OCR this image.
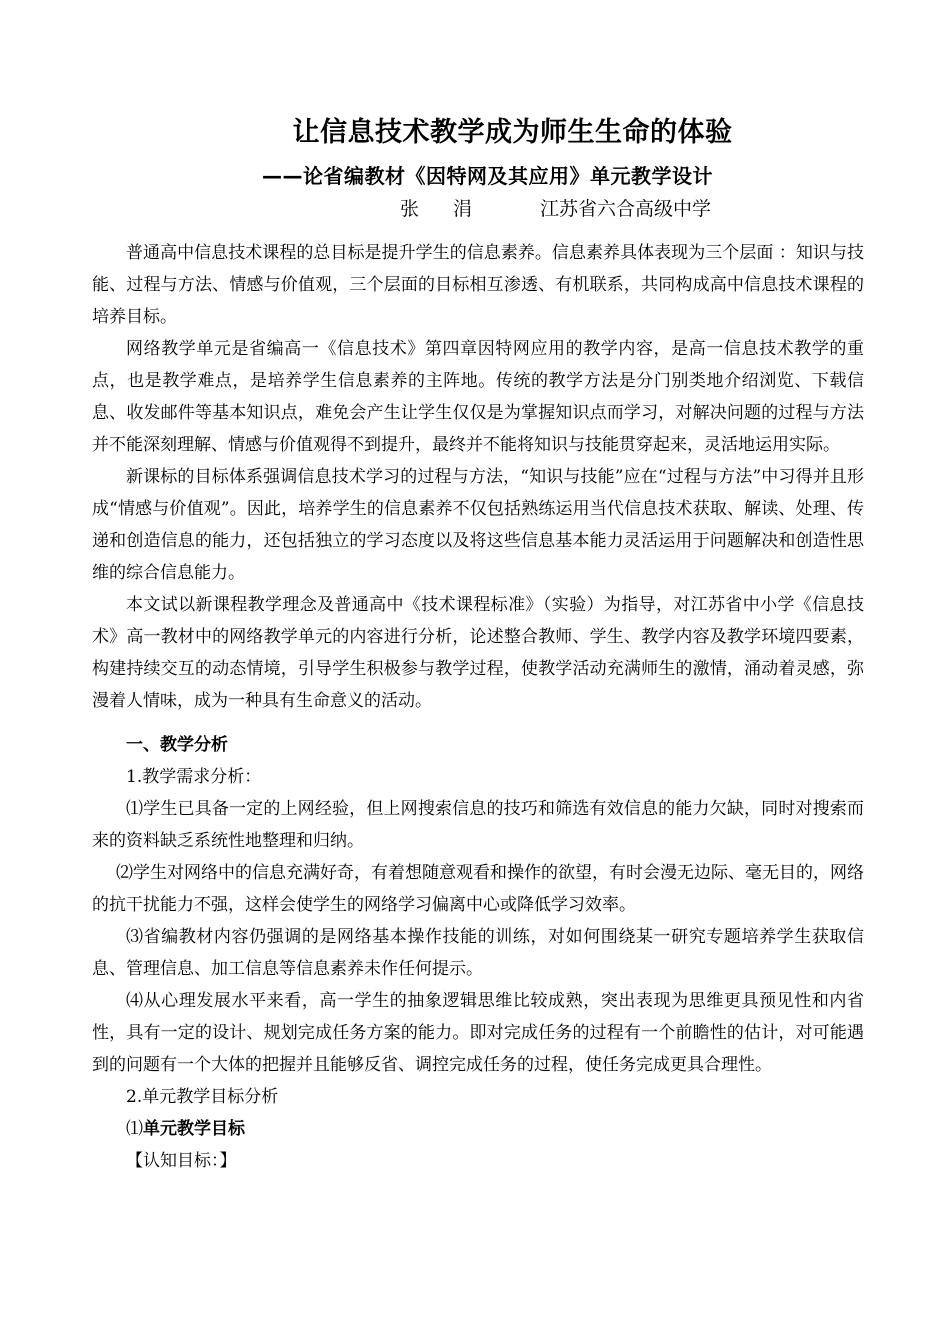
让信息技术教学成为师生生命的体验
——论省编教材《因特网及其应用》单元教学设计
张 涓	江苏省六合高级中学

普通高中信息技术课程的总目标是提升学生的信息素养。信息素养具体表现为三个层面 ：知识与技能、过程与方法、情感与价值观，三个层面的目标相互渗透、有机联系，共同构成高中信息技术课程的培养目标。

网络教学单元是省编高一《信息技术》第四章因特网应用的教学内容，是高一信息技术教学的重点，也是教学难点，是培养学生信息素养的主阵地。传统的教学方法是分门别类地介绍浏览、下载信息、收发邮件等基本知识点，难免会产生让学生仅仅是为掌握知识点而学习，对解决问题的过程与方法并不能深刻理解、情感与价值观得不到提升，最终并不能将知识与技能贯穿起来，灵活地运用实际。

新课标的目标体系强调信息技术学习的过程与方法，“知识与技能”应在“过程与方法”中习得并且形成“情感与价值观”。因此，培养学生的信息素养不仅包括熟练运用当代信息技术获取、解读、处理、传递和创造信息的能力，还包括独立的学习态度以及将这些信息基本能力灵活运用于问题解决和创造性思维的综合信息能力。

本文试以新课程教学理念及普通高中《技术课程标准》（实验）为指导，对江苏省中小学《信息技术》高一教材中的网络教学单元的内容进行分析，论述整合教师、学生、教学内容及教学环境四要素，构建持续交互的动态情境，引导学生积极参与教学过程，使教学活动充满师生的激情，涌动着灵感，弥漫着人情味，成为一种具有生命意义的活动。

一、教学分析

1.教学需求分析：

⑴学生已具备一定的上网经验，但上网搜索信息的技巧和筛选有效信息的能力欠缺，同时对搜索而来的资料缺乏系统性地整理和归纳。

⑵学生对网络中的信息充满好奇，有着想随意观看和操作的欲望，有时会漫无边际、毫无目的，网络的抗干扰能力不强，这样会使学生的网络学习偏离中心或降低学习效率。

⑶省编教材内容仍强调的是网络基本操作技能的训练，对如何围绕某一研究专题培养学生获取信息、管理信息、加工信息等信息素养未作任何提示。

⑷从心理发展水平来看，高一学生的抽象逻辑思维比较成熟，突出表现为思维更具预见性和内省性，具有一定的设计、规划完成任务方案的能力。即对完成任务的过程有一个前瞻性的估计，对可能遇到的问题有一个大体的把握并且能够反省、调控完成任务的过程，使任务完成更具合理性。

2.单元教学目标分析

⑴单元教学目标

【认知目标：】
